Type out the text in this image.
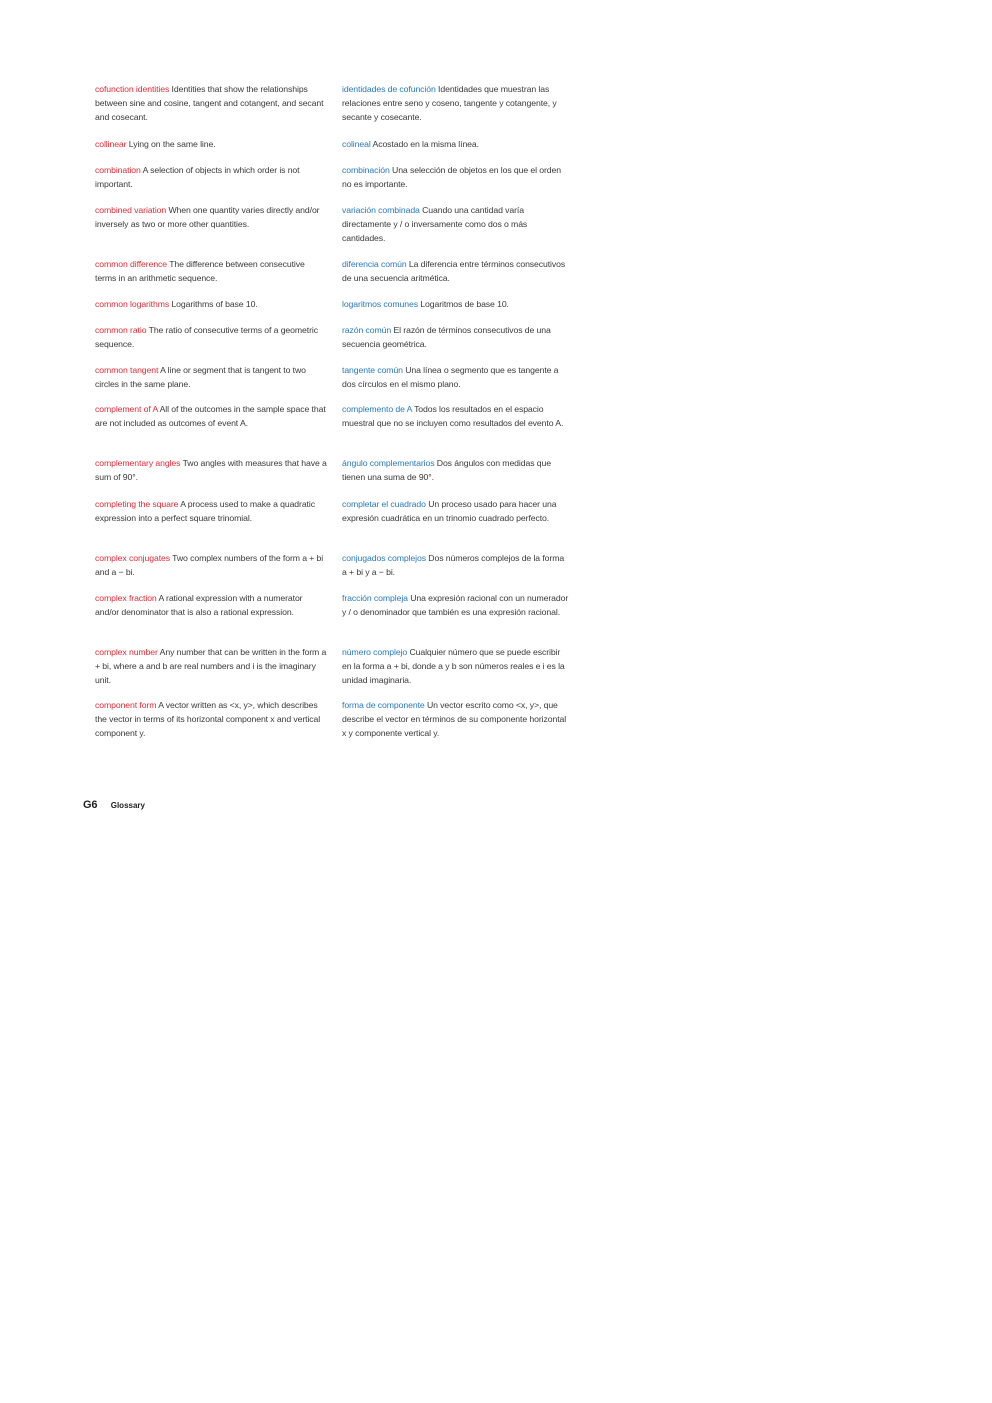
cofunction identities Identities that show the relationships between sine and cosine, tangent and cotangent, and secant and cosecant.
identidades de cofunción Identidades que muestran las relaciones entre seno y coseno, tangente y cotangente, y secante y cosecante.
collinear Lying on the same line.	colineal Acostado en la misma línea.
combination A selection of objects in which order is not important.
combinación Una selección de objetos en los que el orden no es importante.
combined variation When one quantity varies directly and/or inversely as two or more other quantities.
variación combinada Cuando una cantidad varía directamente y / o inversamente como dos o más cantidades.
common difference The difference between consecutive terms in an arithmetic sequence.
diferencia común La diferencia entre términos consecutivos de una secuencia aritmética.
common logarithms Logarithms of base 10.	logaritmos comunes Logaritmos de base 10.
common ratio The ratio of consecutive terms of a geometric sequence.
razón común El razón de términos consecutivos de una secuencia geométrica.
common tangent A line or segment that is tangent to two circles in the same plane.
tangente común Una línea o segmento que es tangente a dos círculos en el mismo plano.
complement of A All of the outcomes in the sample space that are not included as outcomes of event A.
complemento de A Todos los resultados en el espacio muestral que no se incluyen como resultados del evento A.
complementary angles Two angles with measures that have a sum of 90°.
ángulo complementarios Dos ángulos con medidas que tienen una suma de 90°.
completing the square A process used to make a quadratic expression into a perfect square trinomial.
completar el cuadrado Un proceso usado para hacer una expresión cuadrática en un trinomio cuadrado perfecto.
complex conjugates Two complex numbers of the form a + bi and a − bi.
conjugados complejos Dos números complejos de la forma a + bi y a − bi.
complex fraction A rational expression with a numerator and/or denominator that is also a rational expression.
fracción compleja Una expresión racional con un numerador y / o denominador que también es una expresión racional.
complex number Any number that can be written in the form a + bi, where a and b are real numbers and i is the imaginary unit.
número complejo Cualquier número que se puede escribir en la forma a + bi, donde a y b son números reales e i es la unidad imaginaria.
component form A vector written as <x, y>, which describes the vector in terms of its horizontal component x and vertical component y.
forma de componente Un vector escrito como <x, y>, que describe el vector en términos de su componente horizontal x y componente vertical y.
G6 Glossary
